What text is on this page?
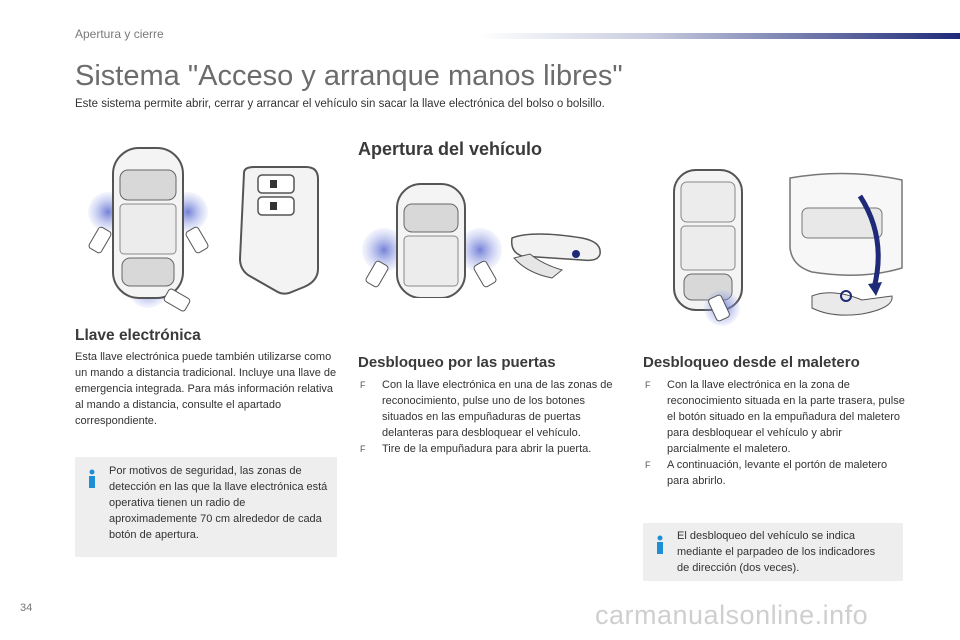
Apertura y cierre
Sistema "Acceso y arranque manos libres"
Este sistema permite abrir, cerrar y arrancar el vehículo sin sacar la llave electrónica del bolso o bolsillo.
Llave electrónica

Esta llave electrónica puede también utilizarse como un mando a distancia tradicional. Incluye una llave de emergencia integrada. Para más información relativa al mando a distancia, consulte el apartado correspondiente.

Por motivos de seguridad, las zonas de detección en las que la llave electrónica está operativa tienen un radio de aproximademente 70 cm alrededor de cada botón de apertura.
Apertura del vehículo
Desbloqueo por las puertas
F Con la llave electrónica en una de las zonas de reconocimiento, pulse uno de los botones situados en las empuñaduras de puertas delanteras para desbloquear el vehículo.
F Tire de la empuñadura para abrir la puerta.
Desbloqueo desde el maletero
F Con la llave electrónica en la zona de reconocimiento situada en la parte trasera, pulse el botón situado en la empuñadura del maletero para desbloquear el vehículo y abrir parcialmente el maletero.
F A continuación, levante el portón de maletero para abrirlo.
El desbloqueo del vehículo se indica mediante el parpadeo de los indicadores de dirección (dos veces).
34	carmanualsonline.info
